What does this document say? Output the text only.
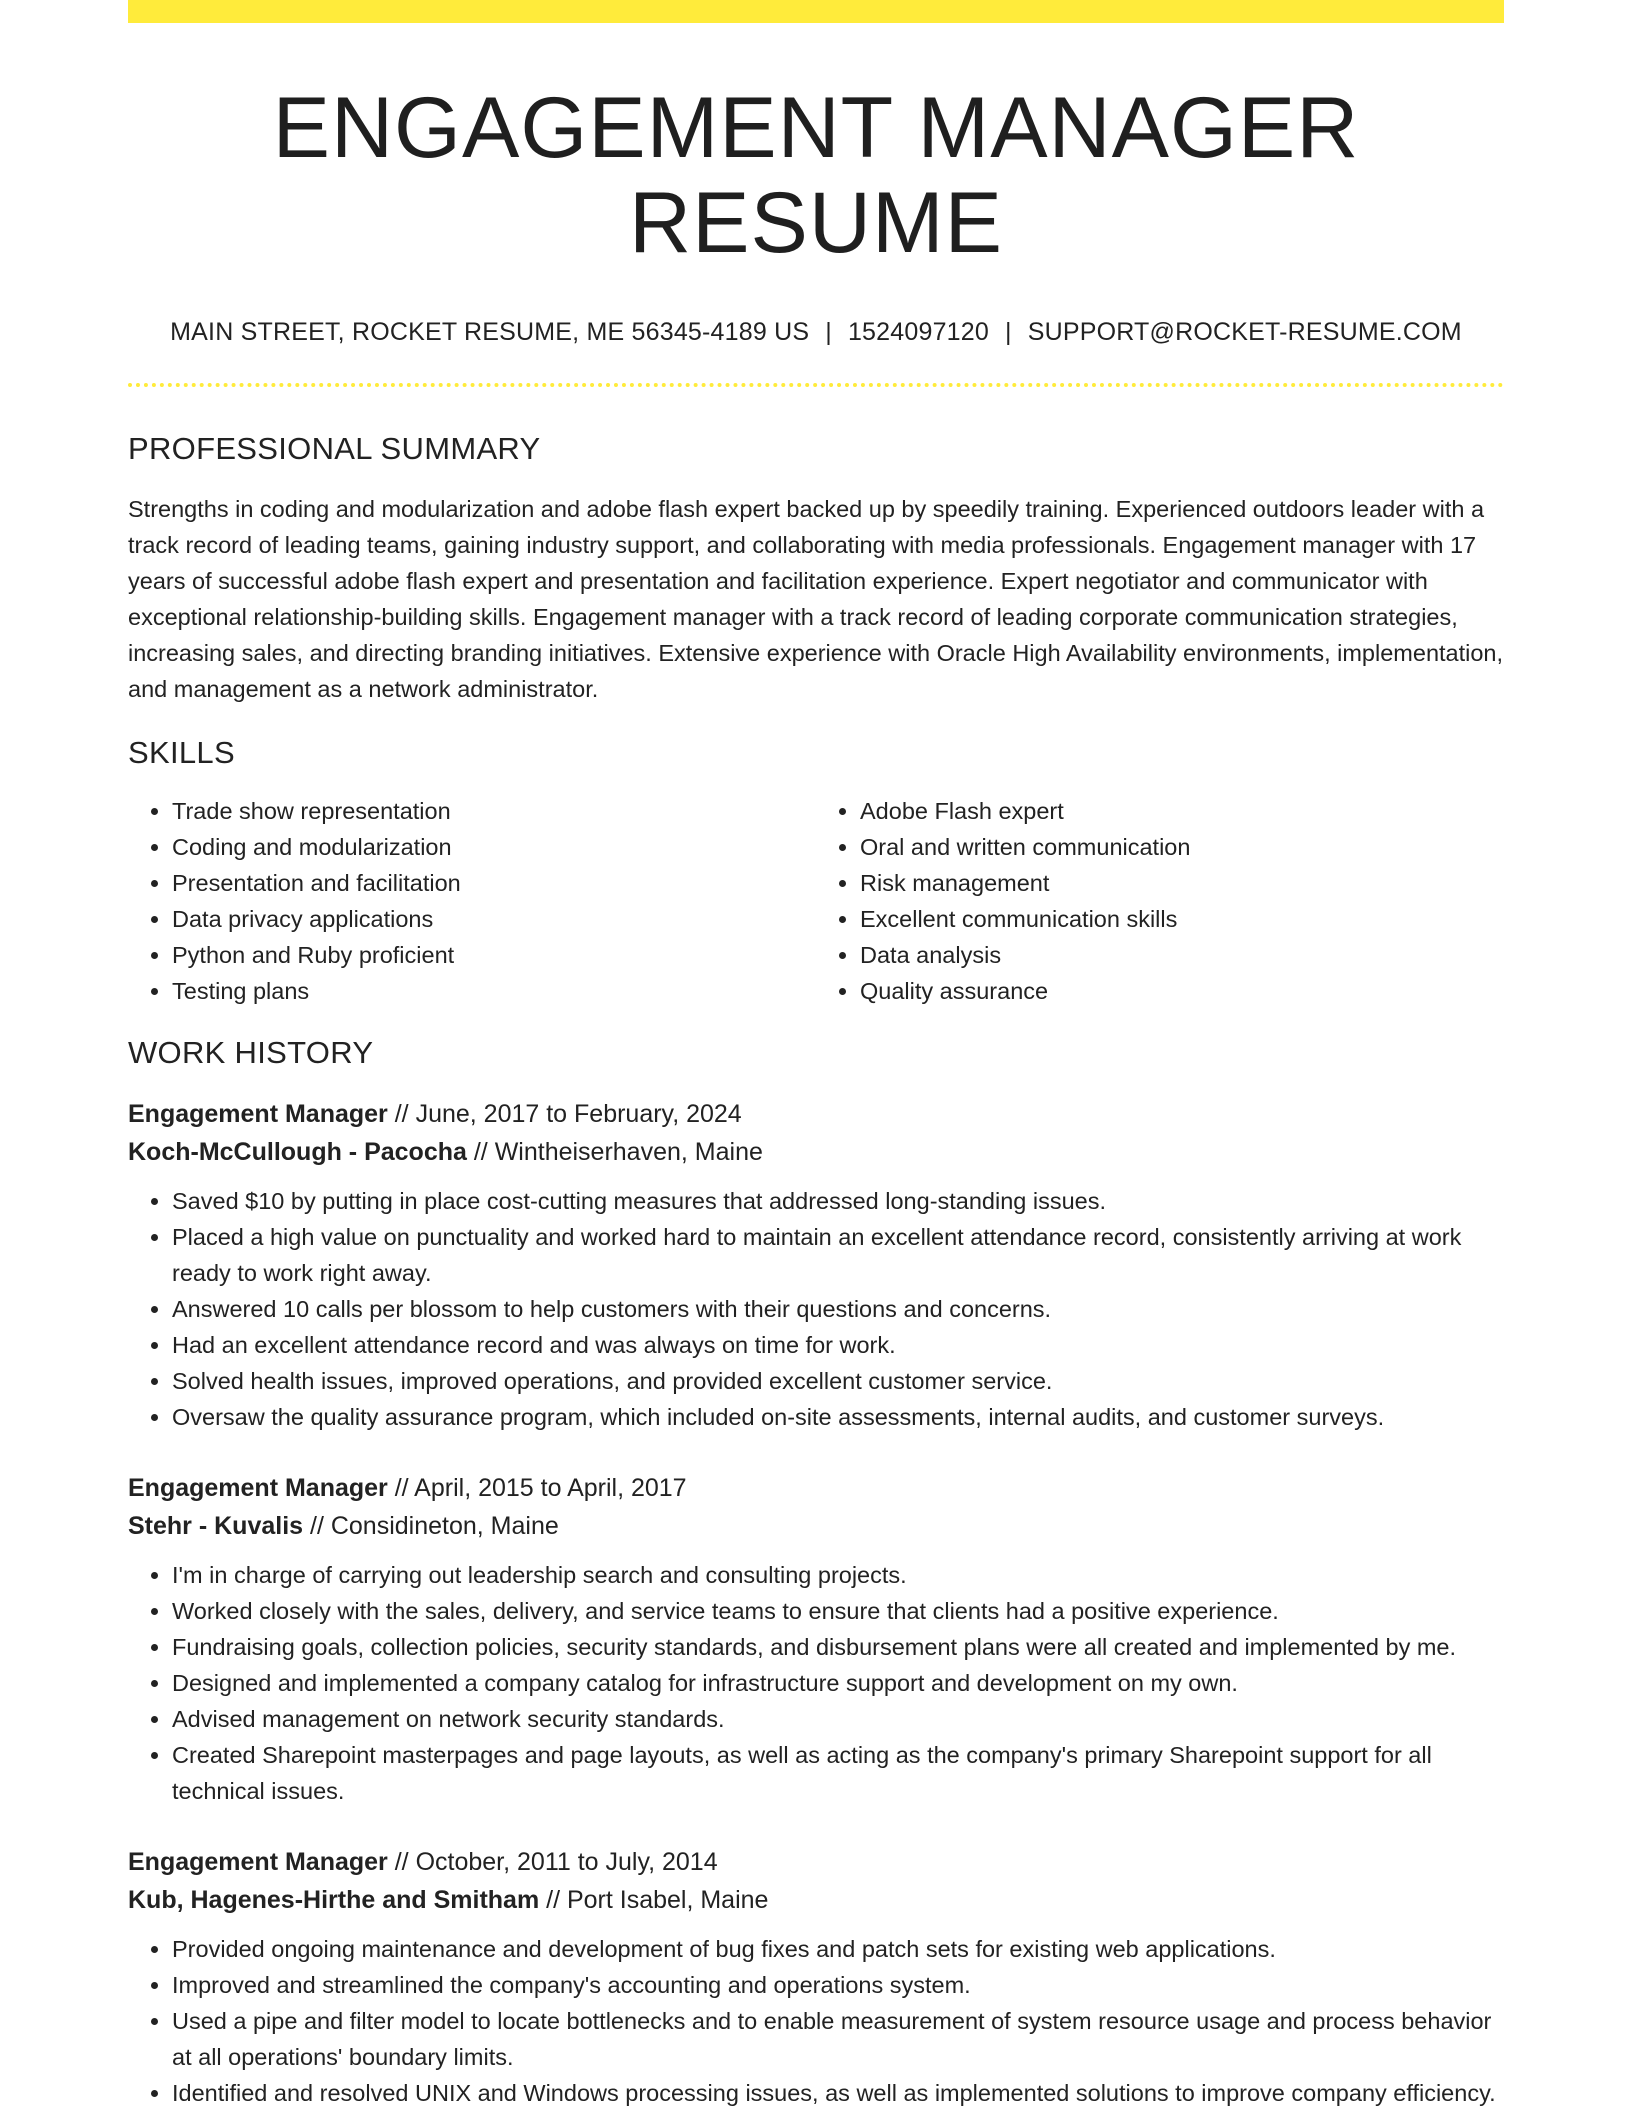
ENGAGEMENT MANAGER RESUME
MAIN STREET, ROCKET RESUME, ME 56345-4189 US | 1524097120 | SUPPORT@ROCKET-RESUME.COM
PROFESSIONAL SUMMARY

Strengths in coding and modularization and adobe flash expert backed up by speedily training. Experienced outdoors leader with a track record of leading teams, gaining industry support, and collaborating with media professionals. Engagement manager with 17 years of successful adobe flash expert and presentation and facilitation experience. Expert negotiator and communicator with exceptional relationship-building skills. Engagement manager with a track record of leading corporate communication strategies, increasing sales, and directing branding initiatives. Extensive experience with Oracle High Availability environments, implementation, and management as a network administrator.

SKILLS
• Trade show representation
• Coding and modularization
• Presentation and facilitation
• Data privacy applications
• Python and Ruby proficient
• Testing plans
• Adobe Flash expert
• Oral and written communication
• Risk management
• Excellent communication skills
• Data analysis
• Quality assurance
WORK HISTORY
Engagement Manager // June, 2017 to February, 2024
Koch-McCullough - Pacocha // Wintheiserhaven, Maine
• Saved $10 by putting in place cost-cutting measures that addressed long-standing issues.
• Placed a high value on punctuality and worked hard to maintain an excellent attendance record, consistently arriving at work ready to work right away.
• Answered 10 calls per blossom to help customers with their questions and concerns.
• Had an excellent attendance record and was always on time for work.
• Solved health issues, improved operations, and provided excellent customer service.
• Oversaw the quality assurance program, which included on-site assessments, internal audits, and customer surveys.
Engagement Manager // April, 2015 to April, 2017
Stehr - Kuvalis // Considineton, Maine
• I'm in charge of carrying out leadership search and consulting projects.
• Worked closely with the sales, delivery, and service teams to ensure that clients had a positive experience.
• Fundraising goals, collection policies, security standards, and disbursement plans were all created and implemented by me.
• Designed and implemented a company catalog for infrastructure support and development on my own.
• Advised management on network security standards.
• Created Sharepoint masterpages and page layouts, as well as acting as the company's primary Sharepoint support for all technical issues.
Engagement Manager // October, 2011 to July, 2014
Kub, Hagenes-Hirthe and Smitham // Port Isabel, Maine
• Provided ongoing maintenance and development of bug fixes and patch sets for existing web applications.
• Improved and streamlined the company's accounting and operations system.
• Used a pipe and filter model to locate bottlenecks and to enable measurement of system resource usage and process behavior at all operations' boundary limits.
• Identified and resolved UNIX and Windows processing issues, as well as implemented solutions to improve company efficiency.
